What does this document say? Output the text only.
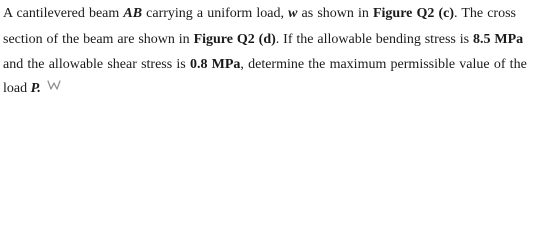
A cantilevered beam AB carrying a uniform load, w as shown in Figure Q2 (c). The cross
section of the beam are shown in Figure Q2 (d). If the allowable bending stress is 8.5 MPa
and the allowable shear stress is 0.8 MPa, determine the maximum permissible value of the
load P.
